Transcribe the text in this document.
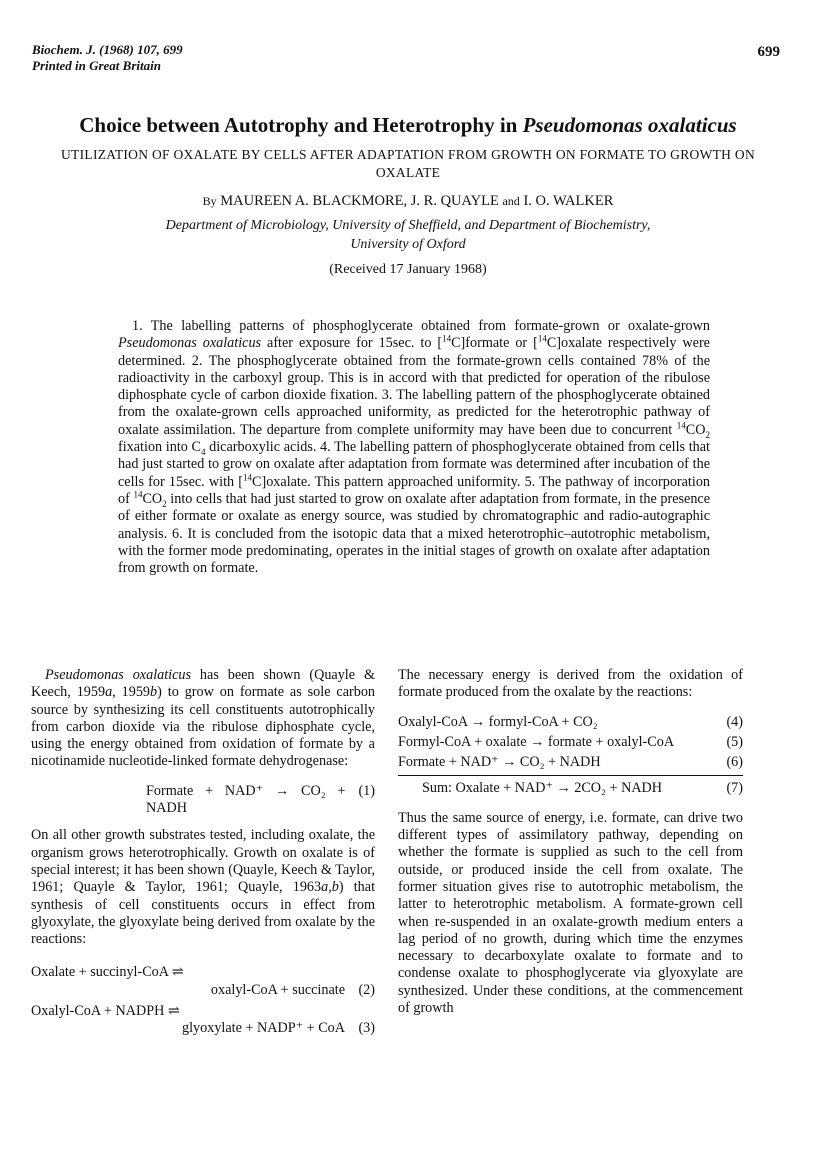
Biochem. J. (1968) 107, 699
Printed in Great Britain
699
Choice between Autotrophy and Heterotrophy in Pseudomonas oxalaticus
UTILIZATION OF OXALATE BY CELLS AFTER ADAPTATION FROM GROWTH ON FORMATE TO GROWTH ON OXALATE
By MAUREEN A. BLACKMORE, J. R. QUAYLE and I. O. WALKER
Department of Microbiology, University of Sheffield, and Department of Biochemistry,
University of Oxford
(Received 17 January 1968)
1. The labelling patterns of phosphoglycerate obtained from formate-grown or oxalate-grown Pseudomonas oxalaticus after exposure for 15sec. to [$^{14}$C]formate or [$^{14}$C]oxalate respectively were determined. 2. The phosphoglycerate obtained from the formate-grown cells contained 78% of the radioactivity in the carboxyl group. This is in accord with that predicted for operation of the ribulose diphosphate cycle of carbon dioxide fixation. 3. The labelling pattern of the phosphoglycerate obtained from the oxalate-grown cells approached uniformity, as predicted for the heterotrophic pathway of oxalate assimilation. The departure from complete uniformity may have been due to concurrent $^{14}CO_2$ fixation into $C_4$ dicarboxylic acids. 4. The labelling pattern of phosphoglycerate obtained from cells that had just started to grow on oxalate after adaptation from formate was determined after incubation of the cells for 15sec. with [$^{14}$C]oxalate. This pattern approached uniformity. 5. The pathway of incorporation of $^{14}CO_2$ into cells that had just started to grow on oxalate after adaptation from formate, in the presence of either formate or oxalate as energy source, was studied by chromatographic and radio-autographic analysis. 6. It is concluded from the isotopic data that a mixed heterotrophic–autotrophic metabolism, with the former mode predominating, operates in the initial stages of growth on oxalate after adaptation from growth on formate.

Pseudomonas oxalaticus has been shown (Quayle & Keech, 1959a, 1959b) to grow on formate as sole carbon source by synthesizing its cell constituents autotrophically from carbon dioxide via the ribulose diphosphate cycle, using the energy obtained from oxidation of formate by a nicotinamide nucleotide-linked formate dehydrogenase:

Formate + NAD⁺ → CO₂ + NADH
(1)

On all other growth substrates tested, including oxalate, the organism grows heterotrophically. Growth on oxalate is of special interest; it has been shown (Quayle, Keech & Taylor, 1961; Quayle & Taylor, 1961; Quayle, 1963a,b) that synthesis of cell constituents occurs in effect from glyoxylate, the glyoxylate being derived from oxalate by the reactions:

Oxalate + succinyl-CoA ⇌
oxalyl-CoA + succinate (2)
Oxalyl-CoA + NADPH ⇌
glyoxylate + NADP⁺ + CoA (3)

The necessary energy is derived from the oxidation of formate produced from the oxalate by the reactions:

Oxalyl-CoA → formyl-CoA + CO₂	(4)
Formyl-CoA + oxalate → formate + oxalyl-CoA	(5)
Formate + NAD⁺ → CO₂ + NADH	(6)
Sum: Oxalate + NAD⁺ → 2CO₂ + NADH	(7)

Thus the same source of energy, i.e. formate, can drive two different types of assimilatory pathway, depending on whether the formate is supplied as such to the cell from outside, or produced inside the cell from oxalate. The former situation gives rise to autotrophic metabolism, the latter to heterotrophic metabolism. A formate-grown cell when re-suspended in an oxalate-growth medium enters a lag period of no growth, during which time the enzymes necessary to decarboxylate oxalate to formate and to condense oxalate to phosphoglycerate via glyoxylate are synthesized. Under these conditions, at the commencement of growth
